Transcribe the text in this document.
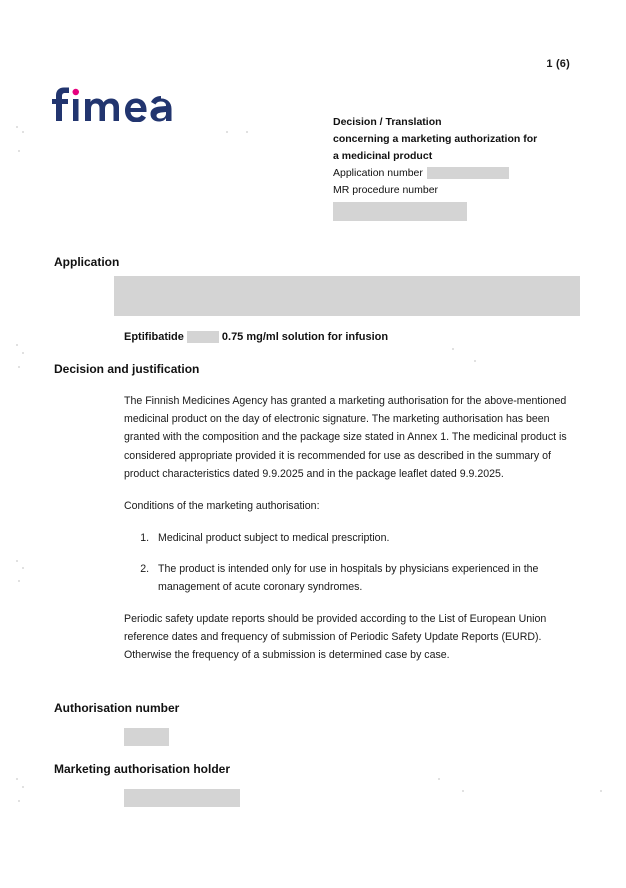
1 (6)
Decision / Translation
concerning a marketing authorization for
a medicinal product
Application number
MR procedure number
Application
Eptifibatide	0.75 mg/ml solution for infusion
Decision and justification

The Finnish Medicines Agency has granted a marketing authorisation for the above-mentioned medicinal product on the day of electronic signature. The marketing authorisation has been granted with the composition and the package size stated in Annex 1. The medicinal product is considered appropriate provided it is recommended for use as described in the summary of product characteristics dated 9.9.2025 and in the package leaflet dated 9.9.2025.

Conditions of the marketing authorisation:

1. Medicinal product subject to medical prescription.
2. The product is intended only for use in hospitals by physicians experienced in the management of acute coronary syndromes.

Periodic safety update reports should be provided according to the List of European Union reference dates and frequency of submission of Periodic Safety Update Reports (EURD). Otherwise the frequency of a submission is determined case by case.

Authorisation number
Marketing authorisation holder
